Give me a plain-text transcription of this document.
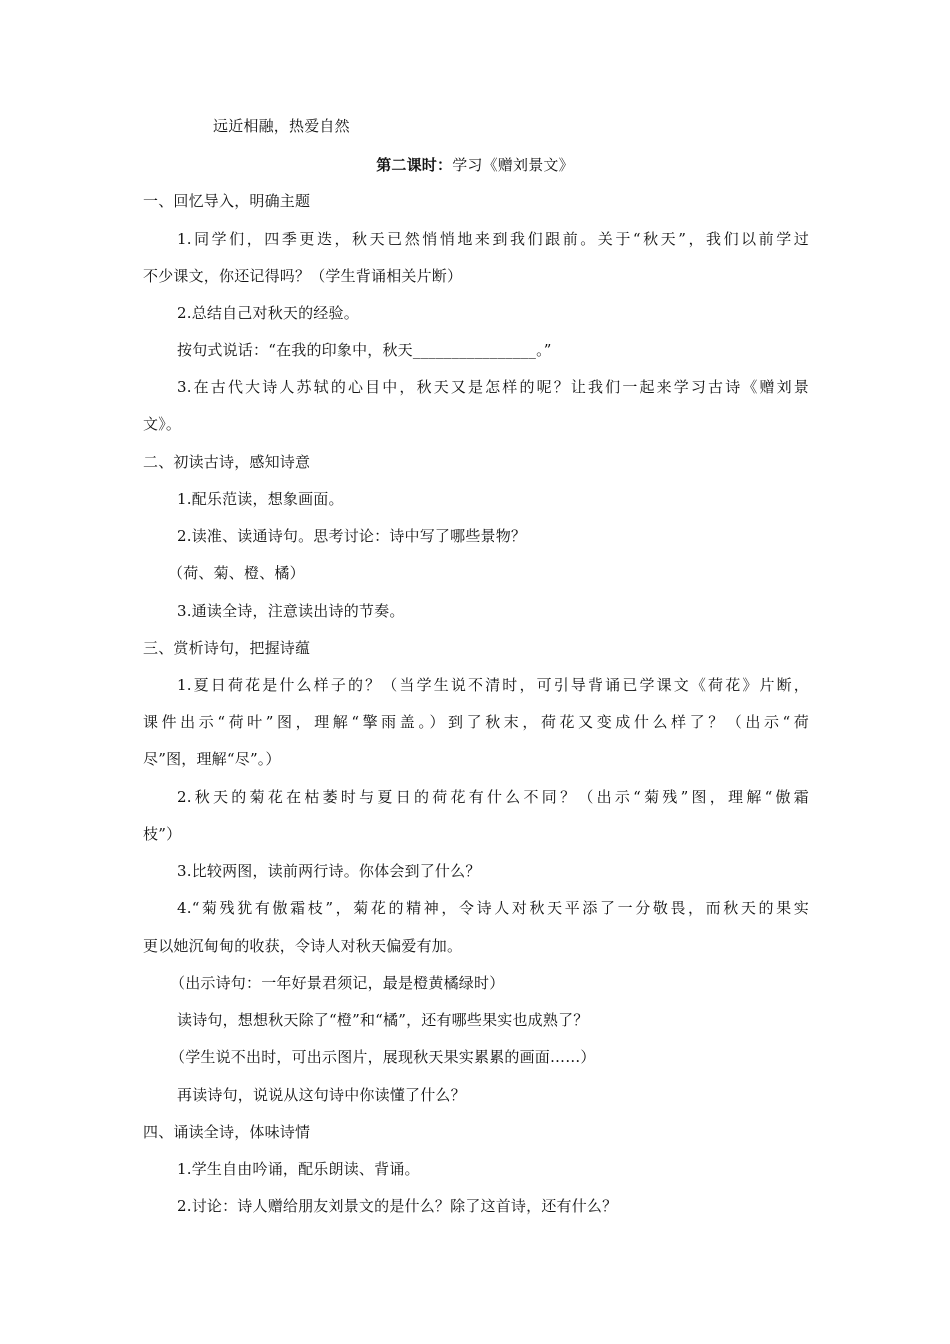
远近相融，热爱自然
第二课时：学习《赠刘景文》
一、回忆导入，明确主题
1.同学们，四季更迭，秋天已然悄悄地来到我们跟前。关于“秋天”，我们以前学过
不少课文，你还记得吗？（学生背诵相关片断）
2.总结自己对秋天的经验。
按句式说话：“在我的印象中，秋天________________。”
3.在古代大诗人苏轼的心目中，秋天又是怎样的呢？让我们一起来学习古诗《赠刘景
文》。
二、初读古诗，感知诗意
1.配乐范读，想象画面。
2.读准、读通诗句。思考讨论：诗中写了哪些景物？
（荷、菊、橙、橘）
3.通读全诗，注意读出诗的节奏。
三、赏析诗句，把握诗蕴
1.夏日荷花是什么样子的？（当学生说不清时，可引导背诵已学课文《荷花》片断，
课件出示“荷叶”图，理解“擎雨盖。）到了秋末，荷花又变成什么样了？（出示“荷
尽”图，理解“尽”。）
2.秋天的菊花在枯萎时与夏日的荷花有什么不同？（出示“菊残”图，理解“傲霜
枝”）
3.比较两图，读前两行诗。你体会到了什么？
4.“菊残犹有傲霜枝”，菊花的精神，令诗人对秋天平添了一分敬畏，而秋天的果实
更以她沉甸甸的收获，令诗人对秋天偏爱有加。
（出示诗句：一年好景君须记，最是橙黄橘绿时）
读诗句，想想秋天除了“橙”和“橘”，还有哪些果实也成熟了？
（学生说不出时，可出示图片，展现秋天果实累累的画面……）
再读诗句，说说从这句诗中你读懂了什么？
四、诵读全诗，体味诗情
1.学生自由吟诵，配乐朗读、背诵。
2.讨论：诗人赠给朋友刘景文的是什么？除了这首诗，还有什么？
